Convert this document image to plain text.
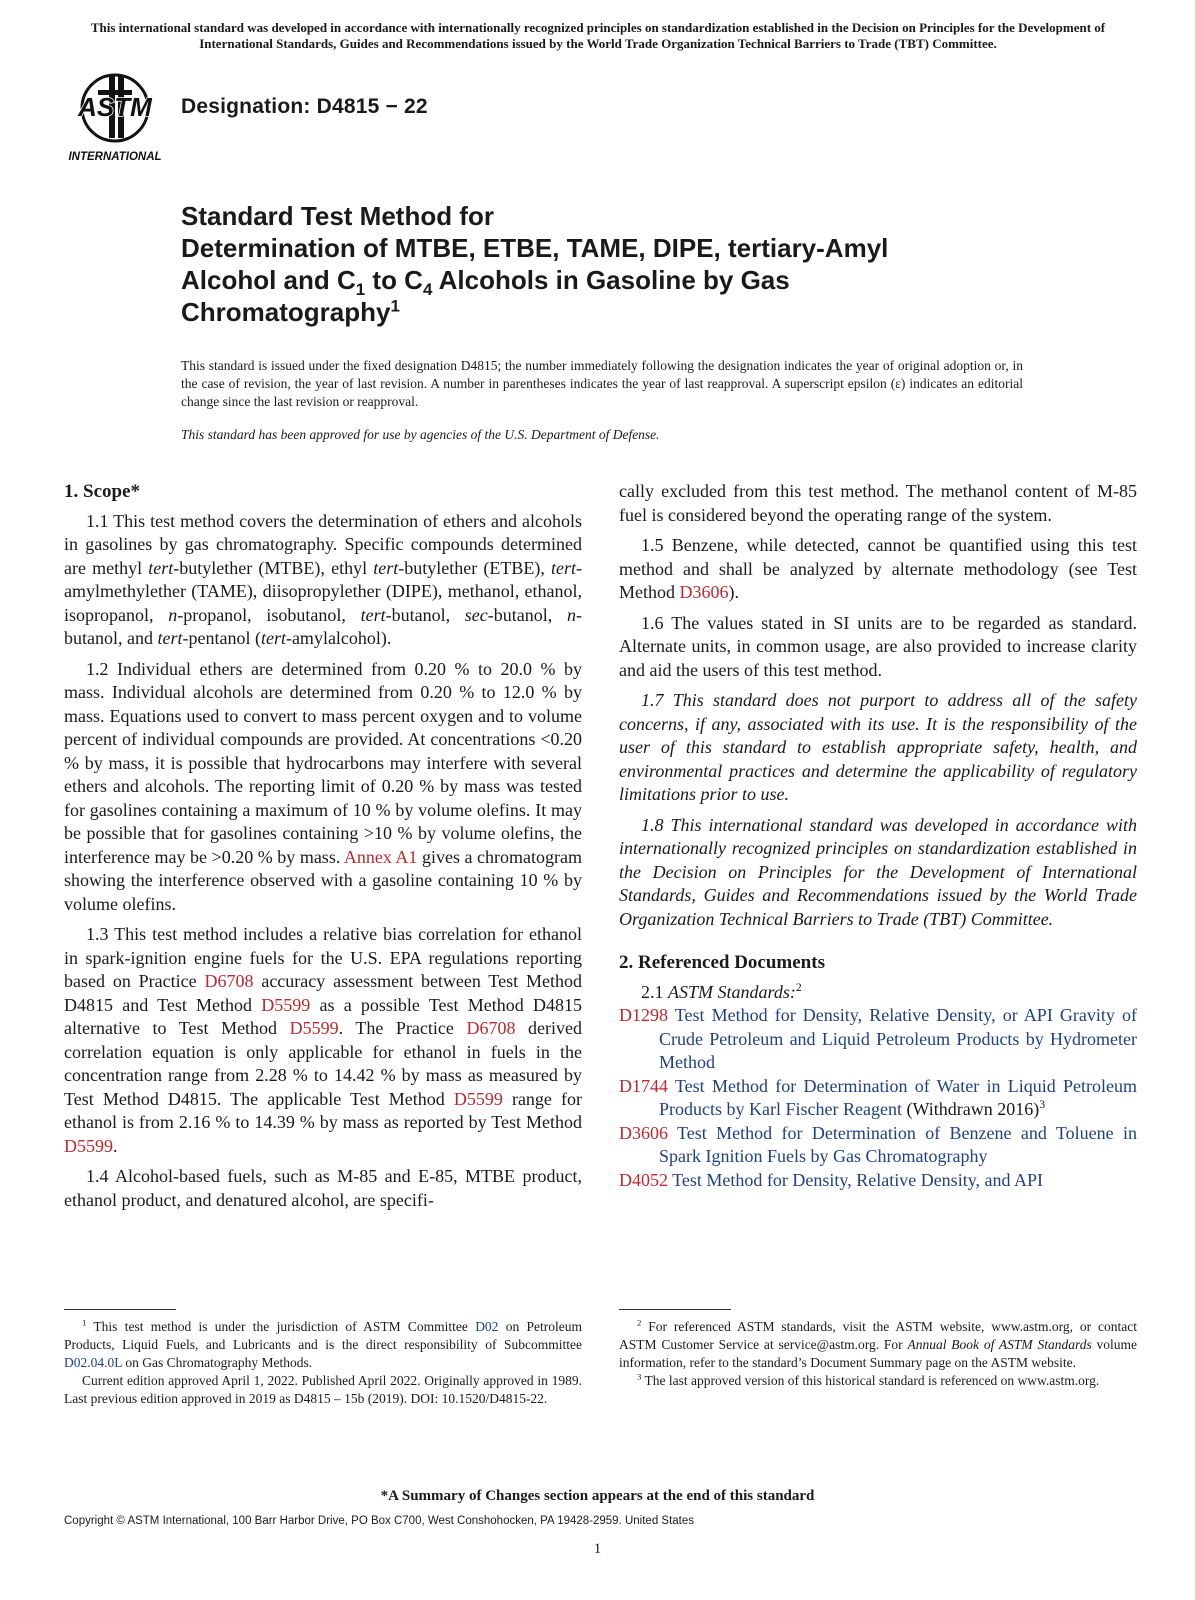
This international standard was developed in accordance with internationally recognized principles on standardization established in the Decision on Principles for the Development of International Standards, Guides and Recommendations issued by the World Trade Organization Technical Barriers to Trade (TBT) Committee.

ASTM
INTERNATIONAL
Designation: D4815 − 22
Standard Test Method for
Determination of MTBE, ETBE, TAME, DIPE, tertiary-Amyl
Alcohol and $C_1$ to $C_4$ Alcohols in Gasoline by Gas
Chromatography$^1$

This standard is issued under the fixed designation D4815; the number immediately following the designation indicates the year of original adoption or, in the case of revision, the year of last revision. A number in parentheses indicates the year of last reapproval. A superscript epsilon (ε) indicates an editorial change since the last revision or reapproval.

This standard has been approved for use by agencies of the U.S. Department of Defense.

1. Scope*

1.1 This test method covers the determination of ethers and alcohols in gasolines by gas chromatography. Specific compounds determined are methyl tert-butylether (MTBE), ethyl tert-butylether (ETBE), tert-amylmethylether (TAME), diisopropylether (DIPE), methanol, ethanol, isopropanol, n-propanol, isobutanol, tert-butanol, sec-butanol, n-butanol, and tert-pentanol (tert-amylalcohol).

1.2 Individual ethers are determined from 0.20 % to 20.0 % by mass. Individual alcohols are determined from 0.20 % to 12.0 % by mass. Equations used to convert to mass percent oxygen and to volume percent of individual compounds are provided. At concentrations <0.20 % by mass, it is possible that hydrocarbons may interfere with several ethers and alcohols. The reporting limit of 0.20 % by mass was tested for gasolines containing a maximum of 10 % by volume olefins. It may be possible that for gasolines containing >10 % by volume olefins, the interference may be >0.20 % by mass. Annex A1 gives a chromatogram showing the interference observed with a gasoline containing 10 % by volume olefins.

1.3 This test method includes a relative bias correlation for ethanol in spark-ignition engine fuels for the U.S. EPA regulations reporting based on Practice D6708 accuracy assessment between Test Method D4815 and Test Method D5599 as a possible Test Method D4815 alternative to Test Method D5599. The Practice D6708 derived correlation equation is only applicable for ethanol in fuels in the concentration range from 2.28 % to 14.42 % by mass as measured by Test Method D4815. The applicable Test Method D5599 range for ethanol is from 2.16 % to 14.39 % by mass as reported by Test Method D5599.

1.4 Alcohol-based fuels, such as M-85 and E-85, MTBE product, ethanol product, and denatured alcohol, are specifi-

cally excluded from this test method. The methanol content of M-85 fuel is considered beyond the operating range of the system.

1.5 Benzene, while detected, cannot be quantified using this test method and shall be analyzed by alternate methodology (see Test Method D3606).

1.6 The values stated in SI units are to be regarded as standard. Alternate units, in common usage, are also provided to increase clarity and aid the users of this test method.

1.7 This standard does not purport to address all of the safety concerns, if any, associated with its use. It is the responsibility of the user of this standard to establish appropriate safety, health, and environmental practices and determine the applicability of regulatory limitations prior to use.

1.8 This international standard was developed in accordance with internationally recognized principles on standardization established in the Decision on Principles for the Development of International Standards, Guides and Recommendations issued by the World Trade Organization Technical Barriers to Trade (TBT) Committee.

2. Referenced Documents

2.1 ASTM Standards:$^2$

D1298 Test Method for Density, Relative Density, or API Gravity of Crude Petroleum and Liquid Petroleum Products by Hydrometer Method
D1744 Test Method for Determination of Water in Liquid Petroleum Products by Karl Fischer Reagent (Withdrawn 2016)$^3$
D3606 Test Method for Determination of Benzene and Toluene in Spark Ignition Fuels by Gas Chromatography
D4052 Test Method for Density, Relative Density, and API

$^1$ This test method is under the jurisdiction of ASTM Committee D02 on Petroleum Products, Liquid Fuels, and Lubricants and is the direct responsibility of Subcommittee D02.04.0L on Gas Chromatography Methods.

Current edition approved April 1, 2022. Published April 2022. Originally approved in 1989. Last previous edition approved in 2019 as D4815 – 15b (2019). DOI: 10.1520/D4815-22.

$^2$ For referenced ASTM standards, visit the ASTM website, www.astm.org, or contact ASTM Customer Service at service@astm.org. For Annual Book of ASTM Standards volume information, refer to the standard’s Document Summary page on the ASTM website.

$^3$ The last approved version of this historical standard is referenced on www.astm.org.

*A Summary of Changes section appears at the end of this standard

Copyright © ASTM International, 100 Barr Harbor Drive, PO Box C700, West Conshohocken, PA 19428-2959. United States

1
